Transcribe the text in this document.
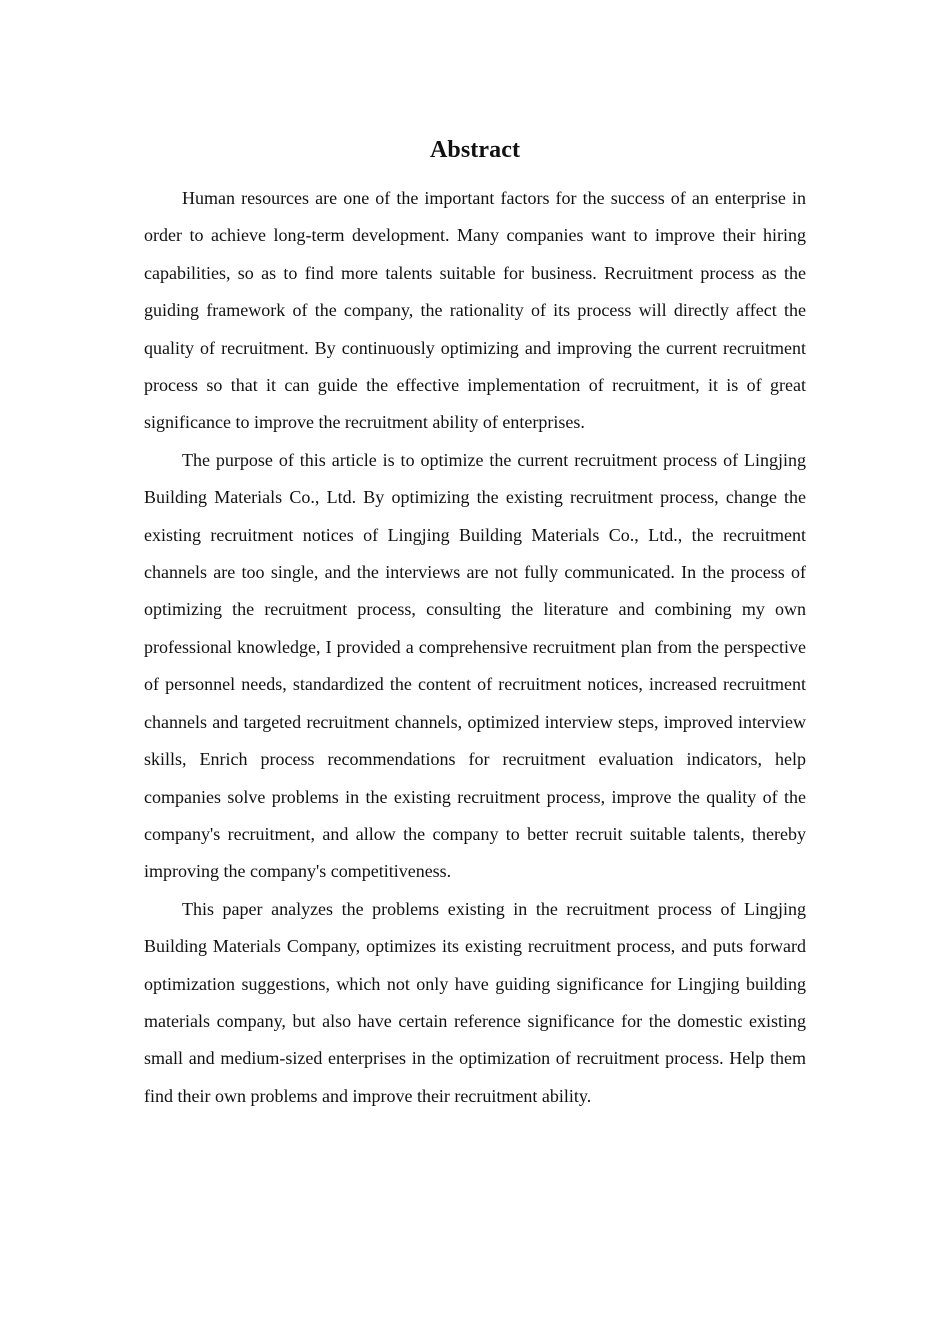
Abstract

Human resources are one of the important factors for the success of an enterprise in order to achieve long-term development. Many companies want to improve their hiring capabilities, so as to find more talents suitable for business. Recruitment process as the guiding framework of the company, the rationality of its process will directly affect the quality of recruitment. By continuously optimizing and improving the current recruitment process so that it can guide the effective implementation of recruitment, it is of great significance to improve the recruitment ability of enterprises.

The purpose of this article is to optimize the current recruitment process of Lingjing Building Materials Co., Ltd. By optimizing the existing recruitment process, change the existing recruitment notices of Lingjing Building Materials Co., Ltd., the recruitment channels are too single, and the interviews are not fully communicated. In the process of optimizing the recruitment process, consulting the literature and combining my own professional knowledge, I provided a comprehensive recruitment plan from the perspective of personnel needs, standardized the content of recruitment notices, increased recruitment channels and targeted recruitment channels, optimized interview steps, improved interview skills, Enrich process recommendations for recruitment evaluation indicators, help companies solve problems in the existing recruitment process, improve the quality of the company's recruitment, and allow the company to better recruit suitable talents, thereby improving the company's competitiveness.

This paper analyzes the problems existing in the recruitment process of Lingjing Building Materials Company, optimizes its existing recruitment process, and puts forward optimization suggestions, which not only have guiding significance for Lingjing building materials company, but also have certain reference significance for the domestic existing small and medium-sized enterprises in the optimization of recruitment process. Help them find their own problems and improve their recruitment ability.
